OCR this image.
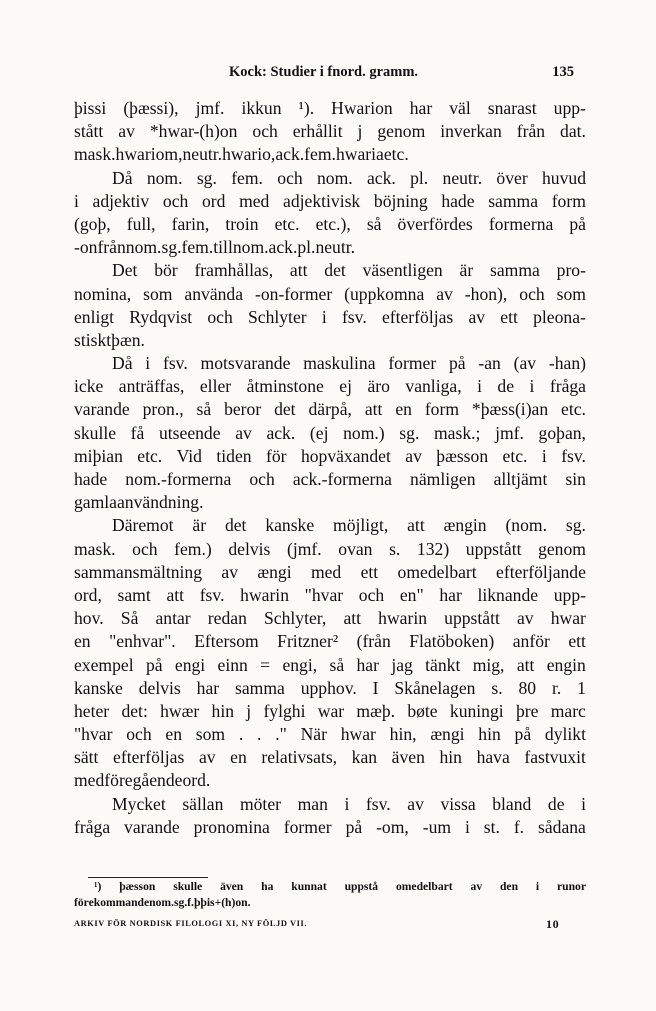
Kock: Studier i fnord. gramm.	135
þissi (þæssi), jmf. ikkun ¹). Hwarion har väl snarast upp-
stått av *hwar-(h)on och erhållit j genom inverkan från dat.
mask. hwariom, neutr. hwario, ack. fem. hwaria etc.
Då nom. sg. fem. och nom. ack. pl. neutr. över huvud
i adjektiv och ord med adjektivisk böjning hade samma form
(goþ, full, farin, troin etc. etc.), så överfördes formerna på
-on från nom. sg. fem. till nom. ack. pl. neutr.
Det bör framhållas, att det väsentligen är samma pro-
nomina, som använda -on-former (uppkomna av -hon), och som
enligt Rydqvist och Schlyter i fsv. efterföljas av ett pleona-
stiskt þæn.
Då i fsv. motsvarande maskulina former på -an (av -han)
icke anträffas, eller åtminstone ej äro vanliga, i de i fråga
varande pron., så beror det därpå, att en form *þæss(i)an etc.
skulle få utseende av ack. (ej nom.) sg. mask.; jmf. goþan,
miþian etc. Vid tiden för hopväxandet av þæsson etc. i fsv.
hade nom.-formerna och ack.-formerna nämligen alltjämt sin
gamla användning.
Däremot är det kanske möjligt, att ængin (nom. sg.
mask. och fem.) delvis (jmf. ovan s. 132) uppstått genom
sammansmältning av ængi med ett omedelbart efterföljande
ord, samt att fsv. hwarin "hvar och en" har liknande upp-
hov. Så antar redan Schlyter, att hwarin uppstått av hwar
en "enhvar". Eftersom Fritzner² (från Flatöboken) anför ett
exempel på engi einn = engi, så har jag tänkt mig, att engin
kanske delvis har samma upphov. I Skånelagen s. 80 r. 1
heter det: hwær hin j fylghi war mæþ. bøte kuningi þre marc
"hvar och en som . . ." När hwar hin, ængi hin på dylikt
sätt efterföljas av en relativsats, kan även hin hava fastvuxit
med föregående ord.
Mycket sällan möter man i fsv. av vissa bland de i
fråga varande pronomina former på -om, -um i st. f. sådana
¹) þæsson skulle även ha kunnat uppstå omedelbart av den i runor
förekommande nom. sg. f. þþis + (h)on.
ARKIV FÖR NORDISK FILOLOGI XI, NY FÖLJD VII.	10
